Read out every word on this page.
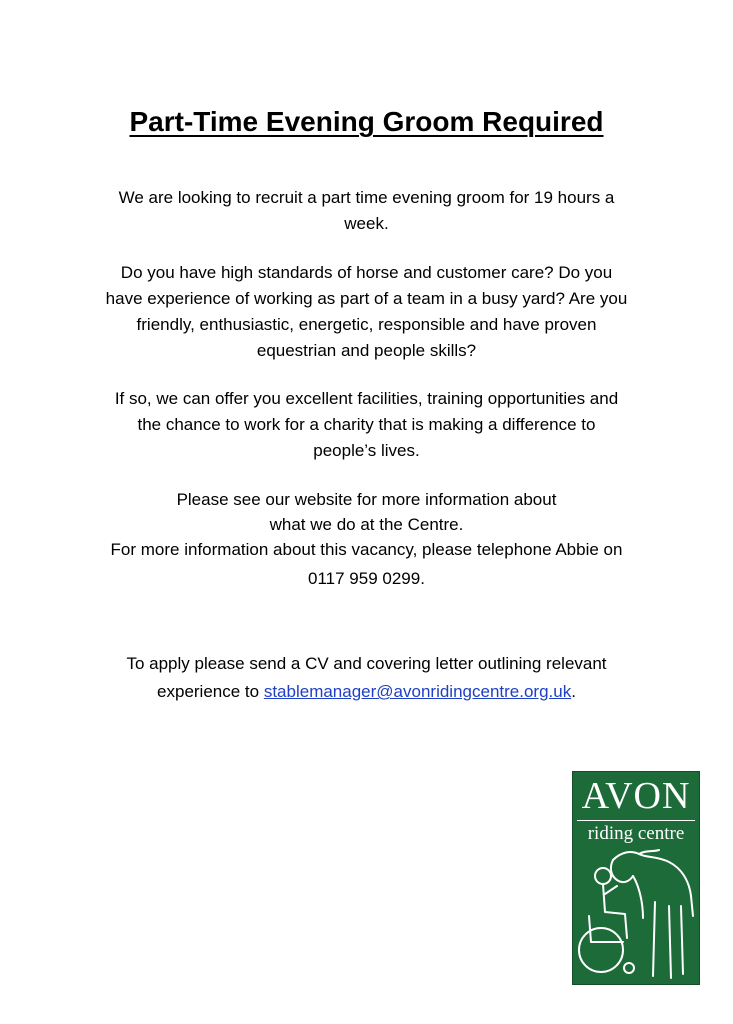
Part-Time Evening Groom Required

We are looking to recruit a part time evening groom for 19 hours a
week.

Do you have high standards of horse and customer care? Do you
have experience of working as part of a team in a busy yard? Are you
friendly, enthusiastic, energetic, responsible and have proven
equestrian and people skills?

If so, we can offer you excellent facilities, training opportunities and
the chance to work for a charity that is making a difference to
people’s lives.

Please see our website for more information about
what we do at the Centre.
For more information about this vacancy, please telephone Abbie on
0117 959 0299.

To apply please send a CV and covering letter outlining relevant
experience to stablemanager@avonridingcentre.org.uk.

AVON

riding centre
